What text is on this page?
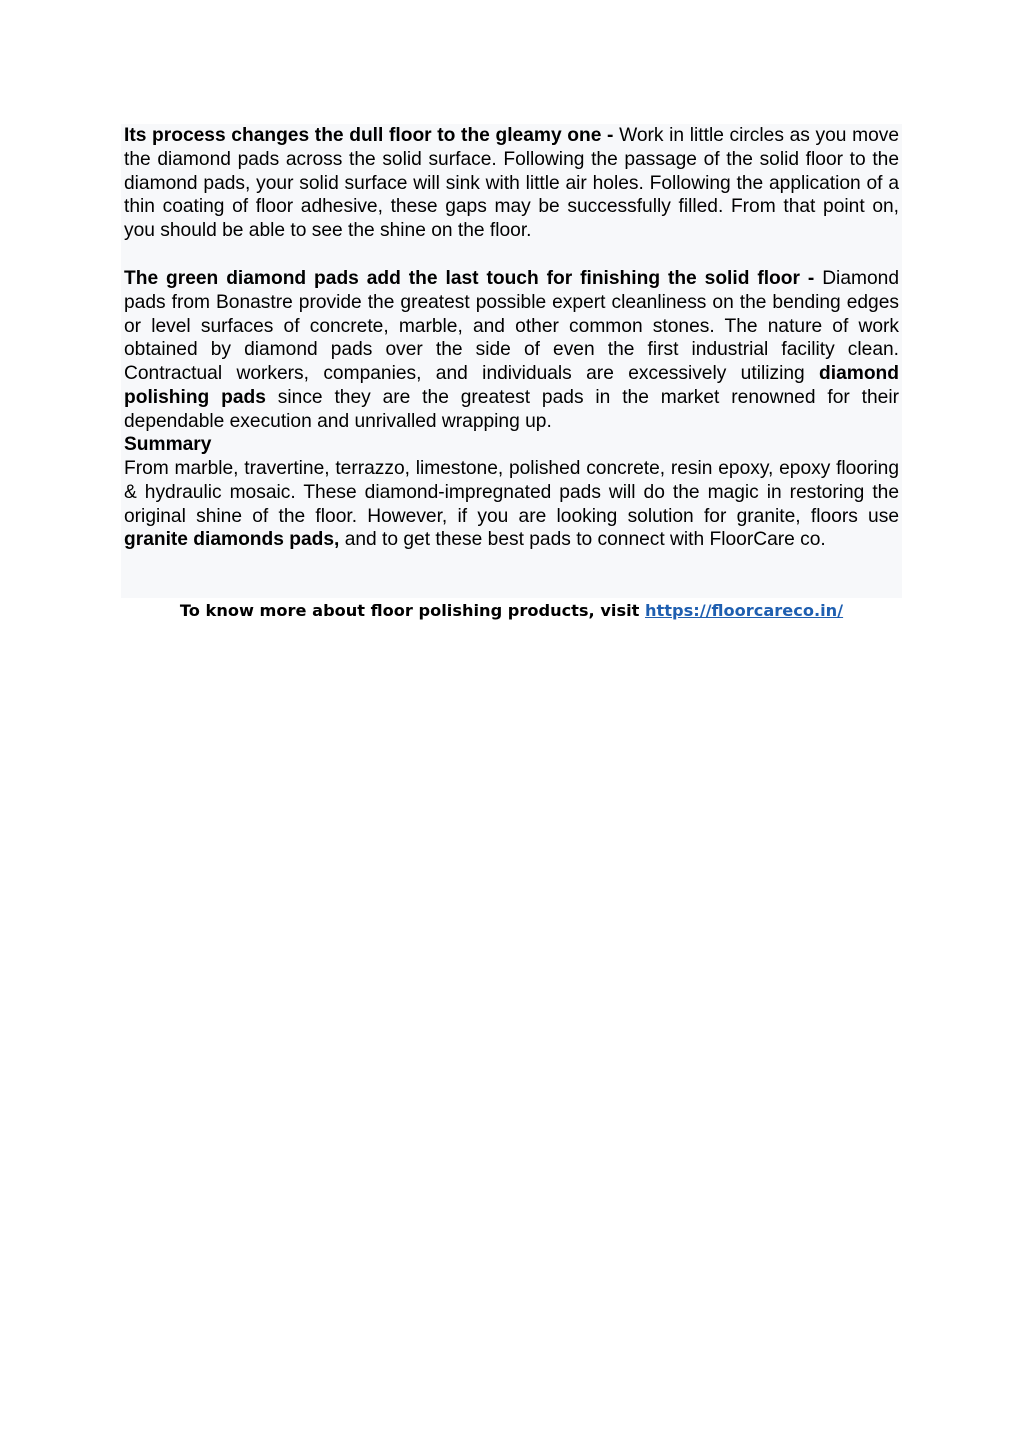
Its process changes the dull floor to the gleamy one - Work in little circles as you move the diamond pads across the solid surface. Following the passage of the solid floor to the diamond pads, your solid surface will sink with little air holes. Following the application of a thin coating of floor adhesive, these gaps may be successfully filled. From that point on, you should be able to see the shine on the floor.

The green diamond pads add the last touch for finishing the solid floor - Diamond pads from Bonastre provide the greatest possible expert cleanliness on the bending edges or level surfaces of concrete, marble, and other common stones. The nature of work obtained by diamond pads over the side of even the first industrial facility clean. Contractual workers, companies, and individuals are excessively utilizing diamond polishing pads since they are the greatest pads in the market renowned for their dependable execution and unrivalled wrapping up.

Summary

From marble, travertine, terrazzo, limestone, polished concrete, resin epoxy, epoxy flooring & hydraulic mosaic. These diamond-impregnated pads will do the magic in restoring the original shine of the floor. However, if you are looking solution for granite, floors use granite diamonds pads, and to get these best pads to connect with FloorCare co.

To know more about floor polishing products, visit https://floorcareco.in/
